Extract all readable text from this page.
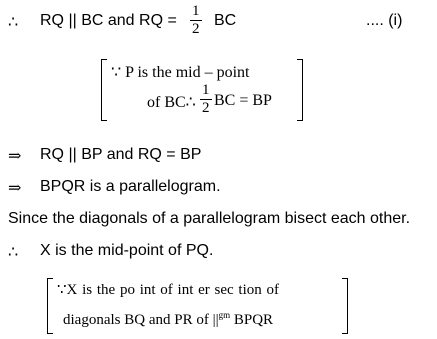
∴ RQ || BC and RQ = $\frac{1}{2}$ BC	.... (i)
∵ P is the mid – point
of BC∴ $\frac{1}{2}$ BC = BP
⇒ RQ || BP and RQ = BP
⇒ BPQR is a parallelogram.
Since the diagonals of a parallelogram bisect each other.
∴ X is the mid-point of PQ.
∵X is the po int of int er sec tion of
diagonals BQ and PR of $||^{gm}$ BPQR
